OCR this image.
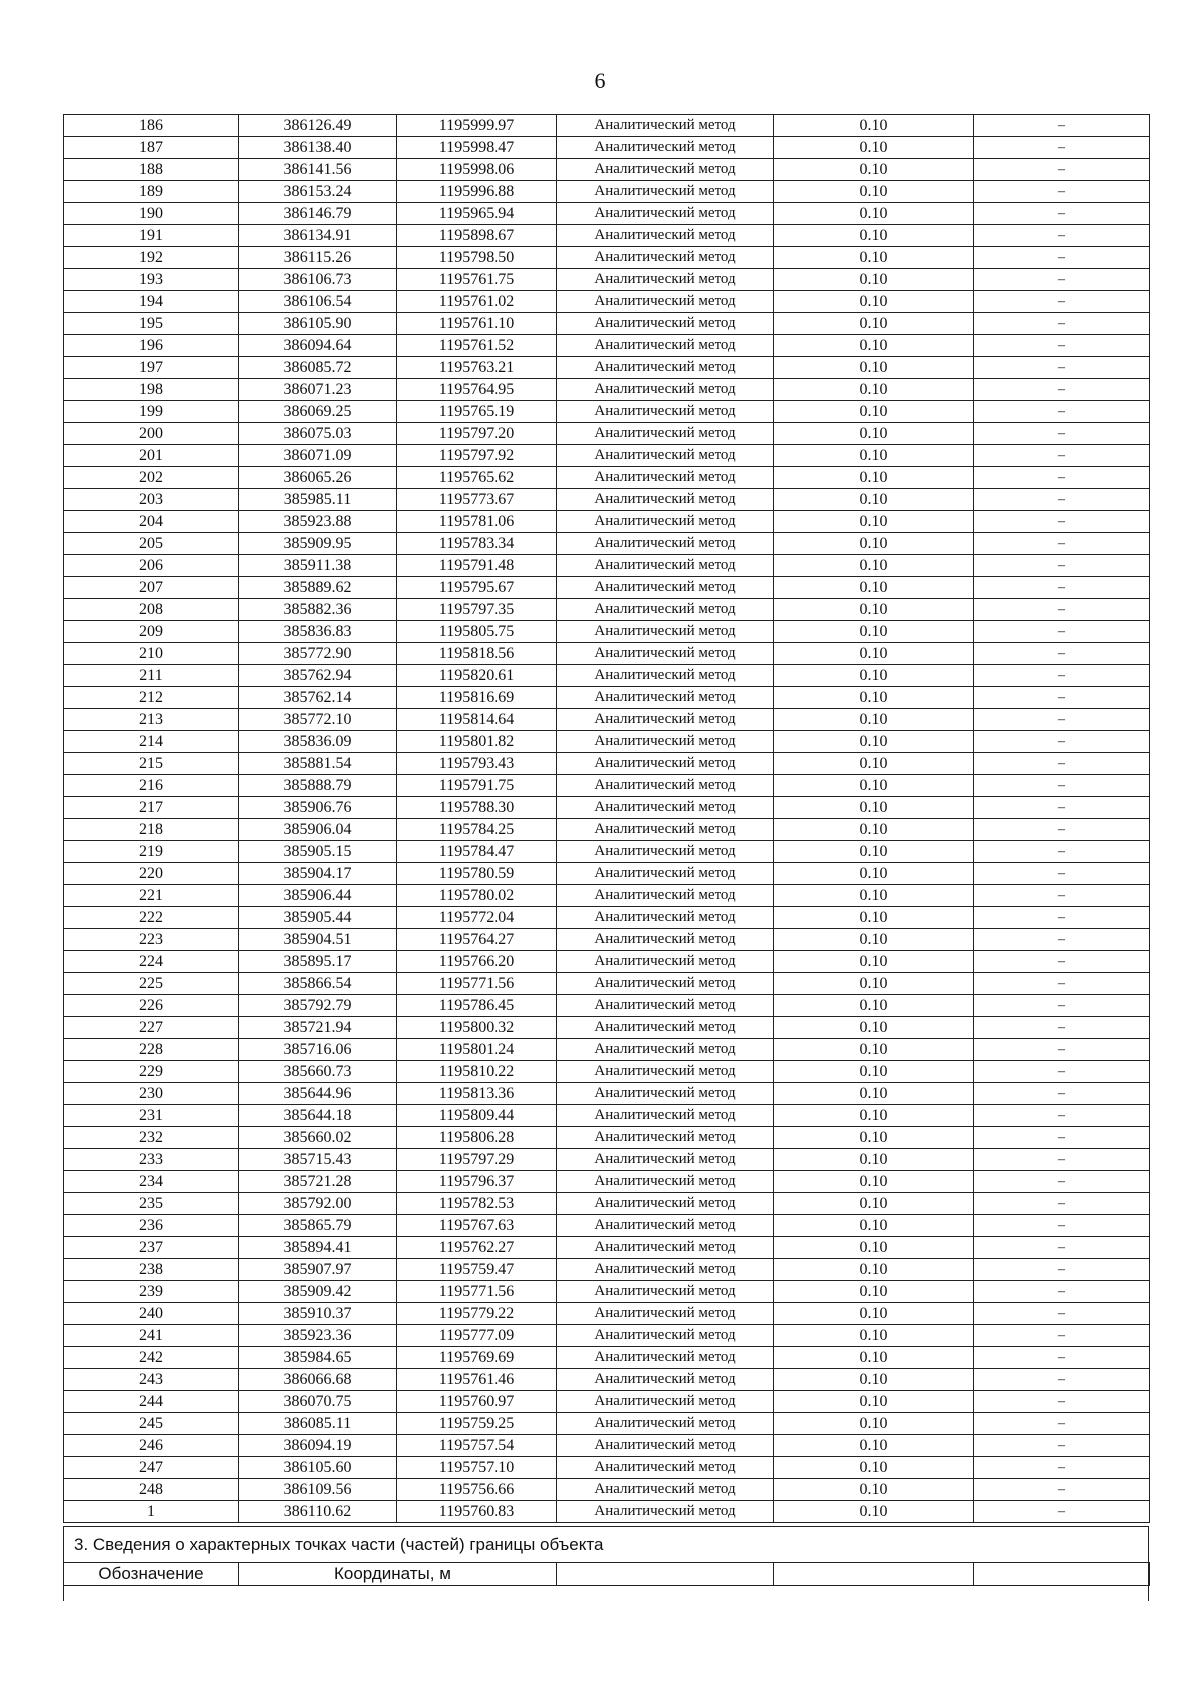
6
186	386126.49	1195999.97	Аналитический метод	0.10	–
187	386138.40	1195998.47	Аналитический метод	0.10	–
188	386141.56	1195998.06	Аналитический метод	0.10	–
189	386153.24	1195996.88	Аналитический метод	0.10	–
190	386146.79	1195965.94	Аналитический метод	0.10	–
191	386134.91	1195898.67	Аналитический метод	0.10	–
192	386115.26	1195798.50	Аналитический метод	0.10	–
193	386106.73	1195761.75	Аналитический метод	0.10	–
194	386106.54	1195761.02	Аналитический метод	0.10	–
195	386105.90	1195761.10	Аналитический метод	0.10	–
196	386094.64	1195761.52	Аналитический метод	0.10	–
197	386085.72	1195763.21	Аналитический метод	0.10	–
198	386071.23	1195764.95	Аналитический метод	0.10	–
199	386069.25	1195765.19	Аналитический метод	0.10	–
200	386075.03	1195797.20	Аналитический метод	0.10	–
201	386071.09	1195797.92	Аналитический метод	0.10	–
202	386065.26	1195765.62	Аналитический метод	0.10	–
203	385985.11	1195773.67	Аналитический метод	0.10	–
204	385923.88	1195781.06	Аналитический метод	0.10	–
205	385909.95	1195783.34	Аналитический метод	0.10	–
206	385911.38	1195791.48	Аналитический метод	0.10	–
207	385889.62	1195795.67	Аналитический метод	0.10	–
208	385882.36	1195797.35	Аналитический метод	0.10	–
209	385836.83	1195805.75	Аналитический метод	0.10	–
210	385772.90	1195818.56	Аналитический метод	0.10	–
211	385762.94	1195820.61	Аналитический метод	0.10	–
212	385762.14	1195816.69	Аналитический метод	0.10	–
213	385772.10	1195814.64	Аналитический метод	0.10	–
214	385836.09	1195801.82	Аналитический метод	0.10	–
215	385881.54	1195793.43	Аналитический метод	0.10	–
216	385888.79	1195791.75	Аналитический метод	0.10	–
217	385906.76	1195788.30	Аналитический метод	0.10	–
218	385906.04	1195784.25	Аналитический метод	0.10	–
219	385905.15	1195784.47	Аналитический метод	0.10	–
220	385904.17	1195780.59	Аналитический метод	0.10	–
221	385906.44	1195780.02	Аналитический метод	0.10	–
222	385905.44	1195772.04	Аналитический метод	0.10	–
223	385904.51	1195764.27	Аналитический метод	0.10	–
224	385895.17	1195766.20	Аналитический метод	0.10	–
225	385866.54	1195771.56	Аналитический метод	0.10	–
226	385792.79	1195786.45	Аналитический метод	0.10	–
227	385721.94	1195800.32	Аналитический метод	0.10	–
228	385716.06	1195801.24	Аналитический метод	0.10	–
229	385660.73	1195810.22	Аналитический метод	0.10	–
230	385644.96	1195813.36	Аналитический метод	0.10	–
231	385644.18	1195809.44	Аналитический метод	0.10	–
232	385660.02	1195806.28	Аналитический метод	0.10	–
233	385715.43	1195797.29	Аналитический метод	0.10	–
234	385721.28	1195796.37	Аналитический метод	0.10	–
235	385792.00	1195782.53	Аналитический метод	0.10	–
236	385865.79	1195767.63	Аналитический метод	0.10	–
237	385894.41	1195762.27	Аналитический метод	0.10	–
238	385907.97	1195759.47	Аналитический метод	0.10	–
239	385909.42	1195771.56	Аналитический метод	0.10	–
240	385910.37	1195779.22	Аналитический метод	0.10	–
241	385923.36	1195777.09	Аналитический метод	0.10	–
242	385984.65	1195769.69	Аналитический метод	0.10	–
243	386066.68	1195761.46	Аналитический метод	0.10	–
244	386070.75	1195760.97	Аналитический метод	0.10	–
245	386085.11	1195759.25	Аналитический метод	0.10	–
246	386094.19	1195757.54	Аналитический метод	0.10	–
247	386105.60	1195757.10	Аналитический метод	0.10	–
248	386109.56	1195756.66	Аналитический метод	0.10	–
1	386110.62	1195760.83	Аналитический метод	0.10	–
3. Сведения о характерных точках части (частей) границы объекта
Обозначение	Координаты, м			
